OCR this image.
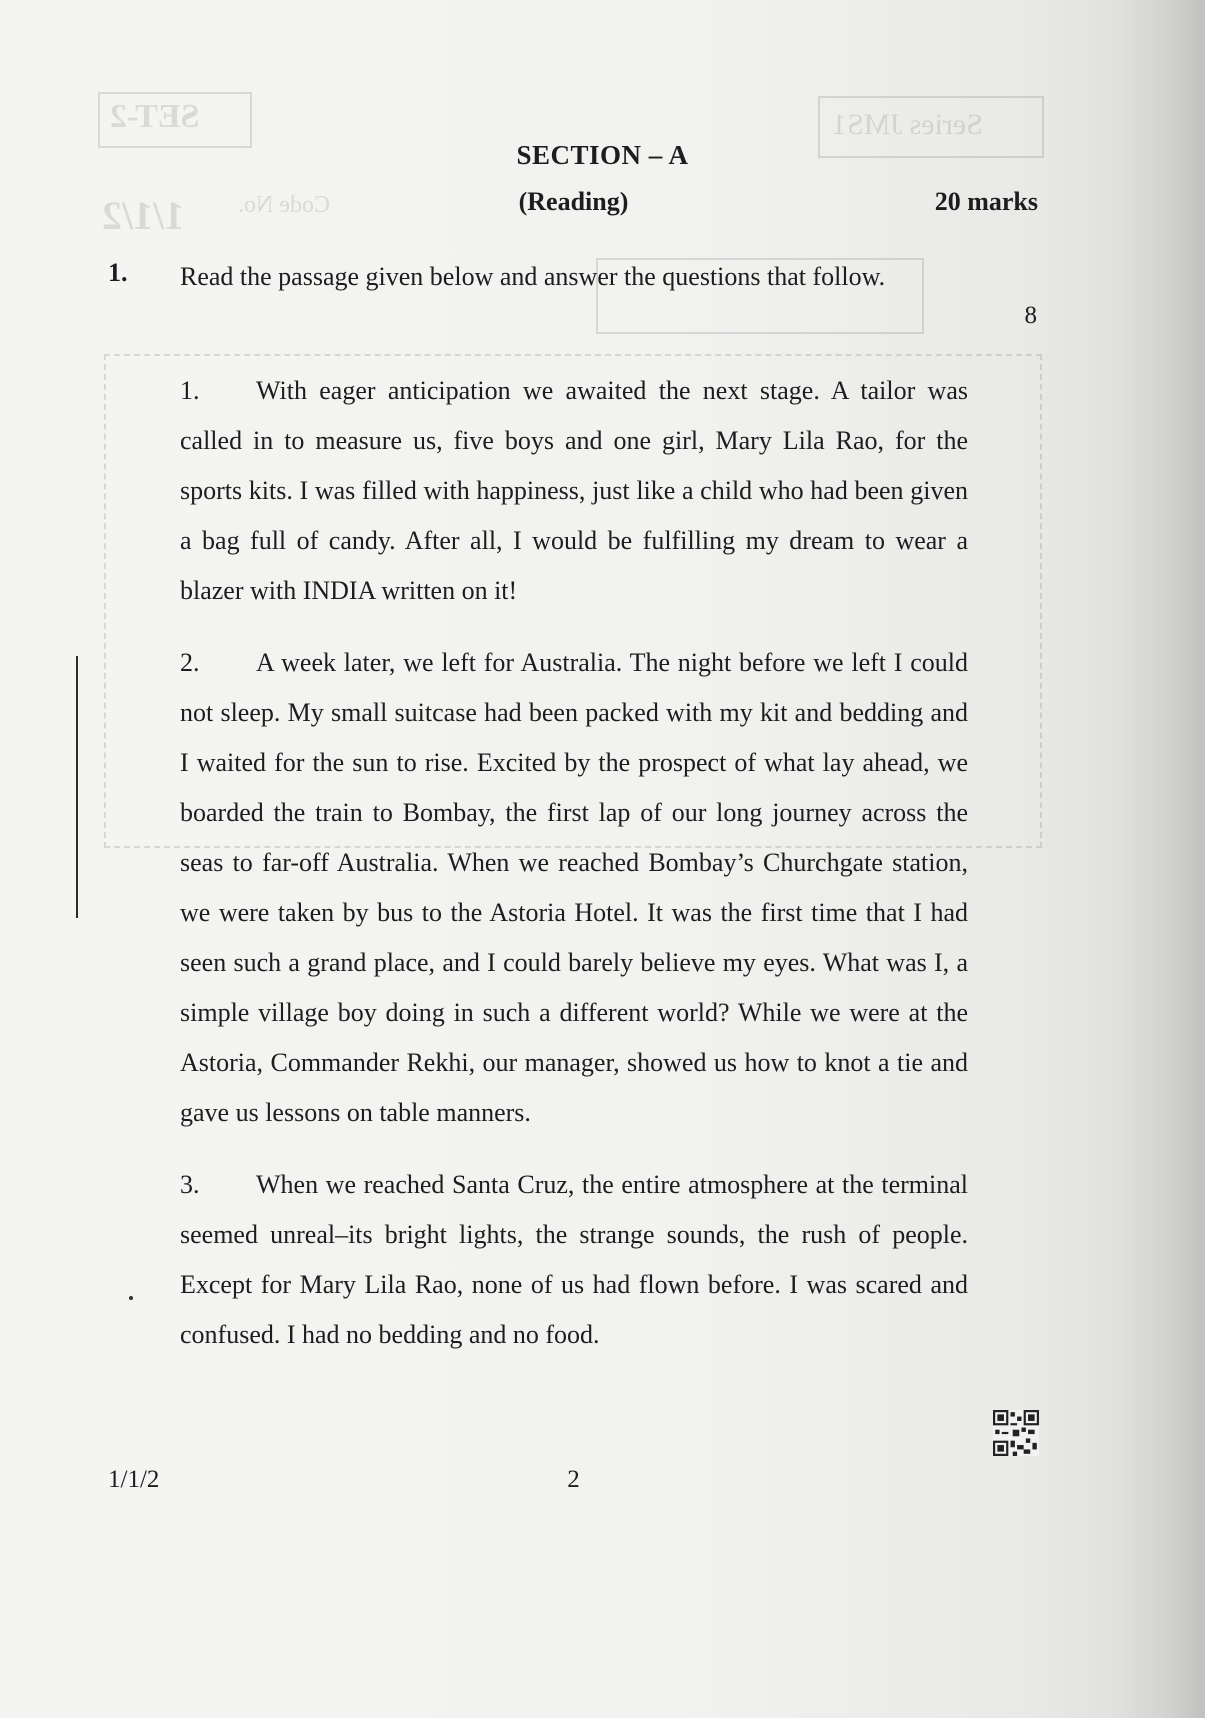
SET-2	Series JMS1
1/1/2 Code No.
SECTION – A
(Reading)	20 marks
1. Read the passage given below and answer the questions that follow.
8

1. With eager anticipation we awaited the next stage. A tailor was called in to measure us, five boys and one girl, Mary Lila Rao, for the sports kits. I was filled with happiness, just like a child who had been given a bag full of candy. After all, I would be fulfilling my dream to wear a blazer with INDIA written on it!

2. A week later, we left for Australia. The night before we left I could not sleep. My small suitcase had been packed with my kit and bedding and I waited for the sun to rise. Excited by the prospect of what lay ahead, we boarded the train to Bombay, the first lap of our long journey across the seas to far-off Australia. When we reached Bombay’s Churchgate station, we were taken by bus to the Astoria Hotel. It was the first time that I had seen such a grand place, and I could barely believe my eyes. What was I, a simple village boy doing in such a different world? While we were at the Astoria, Commander Rekhi, our manager, showed us how to knot a tie and gave us lessons on table manners.

3. When we reached Santa Cruz, the entire atmosphere at the terminal seemed unreal–its bright lights, the strange sounds, the rush of people. Except for Mary Lila Rao, none of us had flown before. I was scared and confused. I had no bedding and no food.

1/1/2	2
